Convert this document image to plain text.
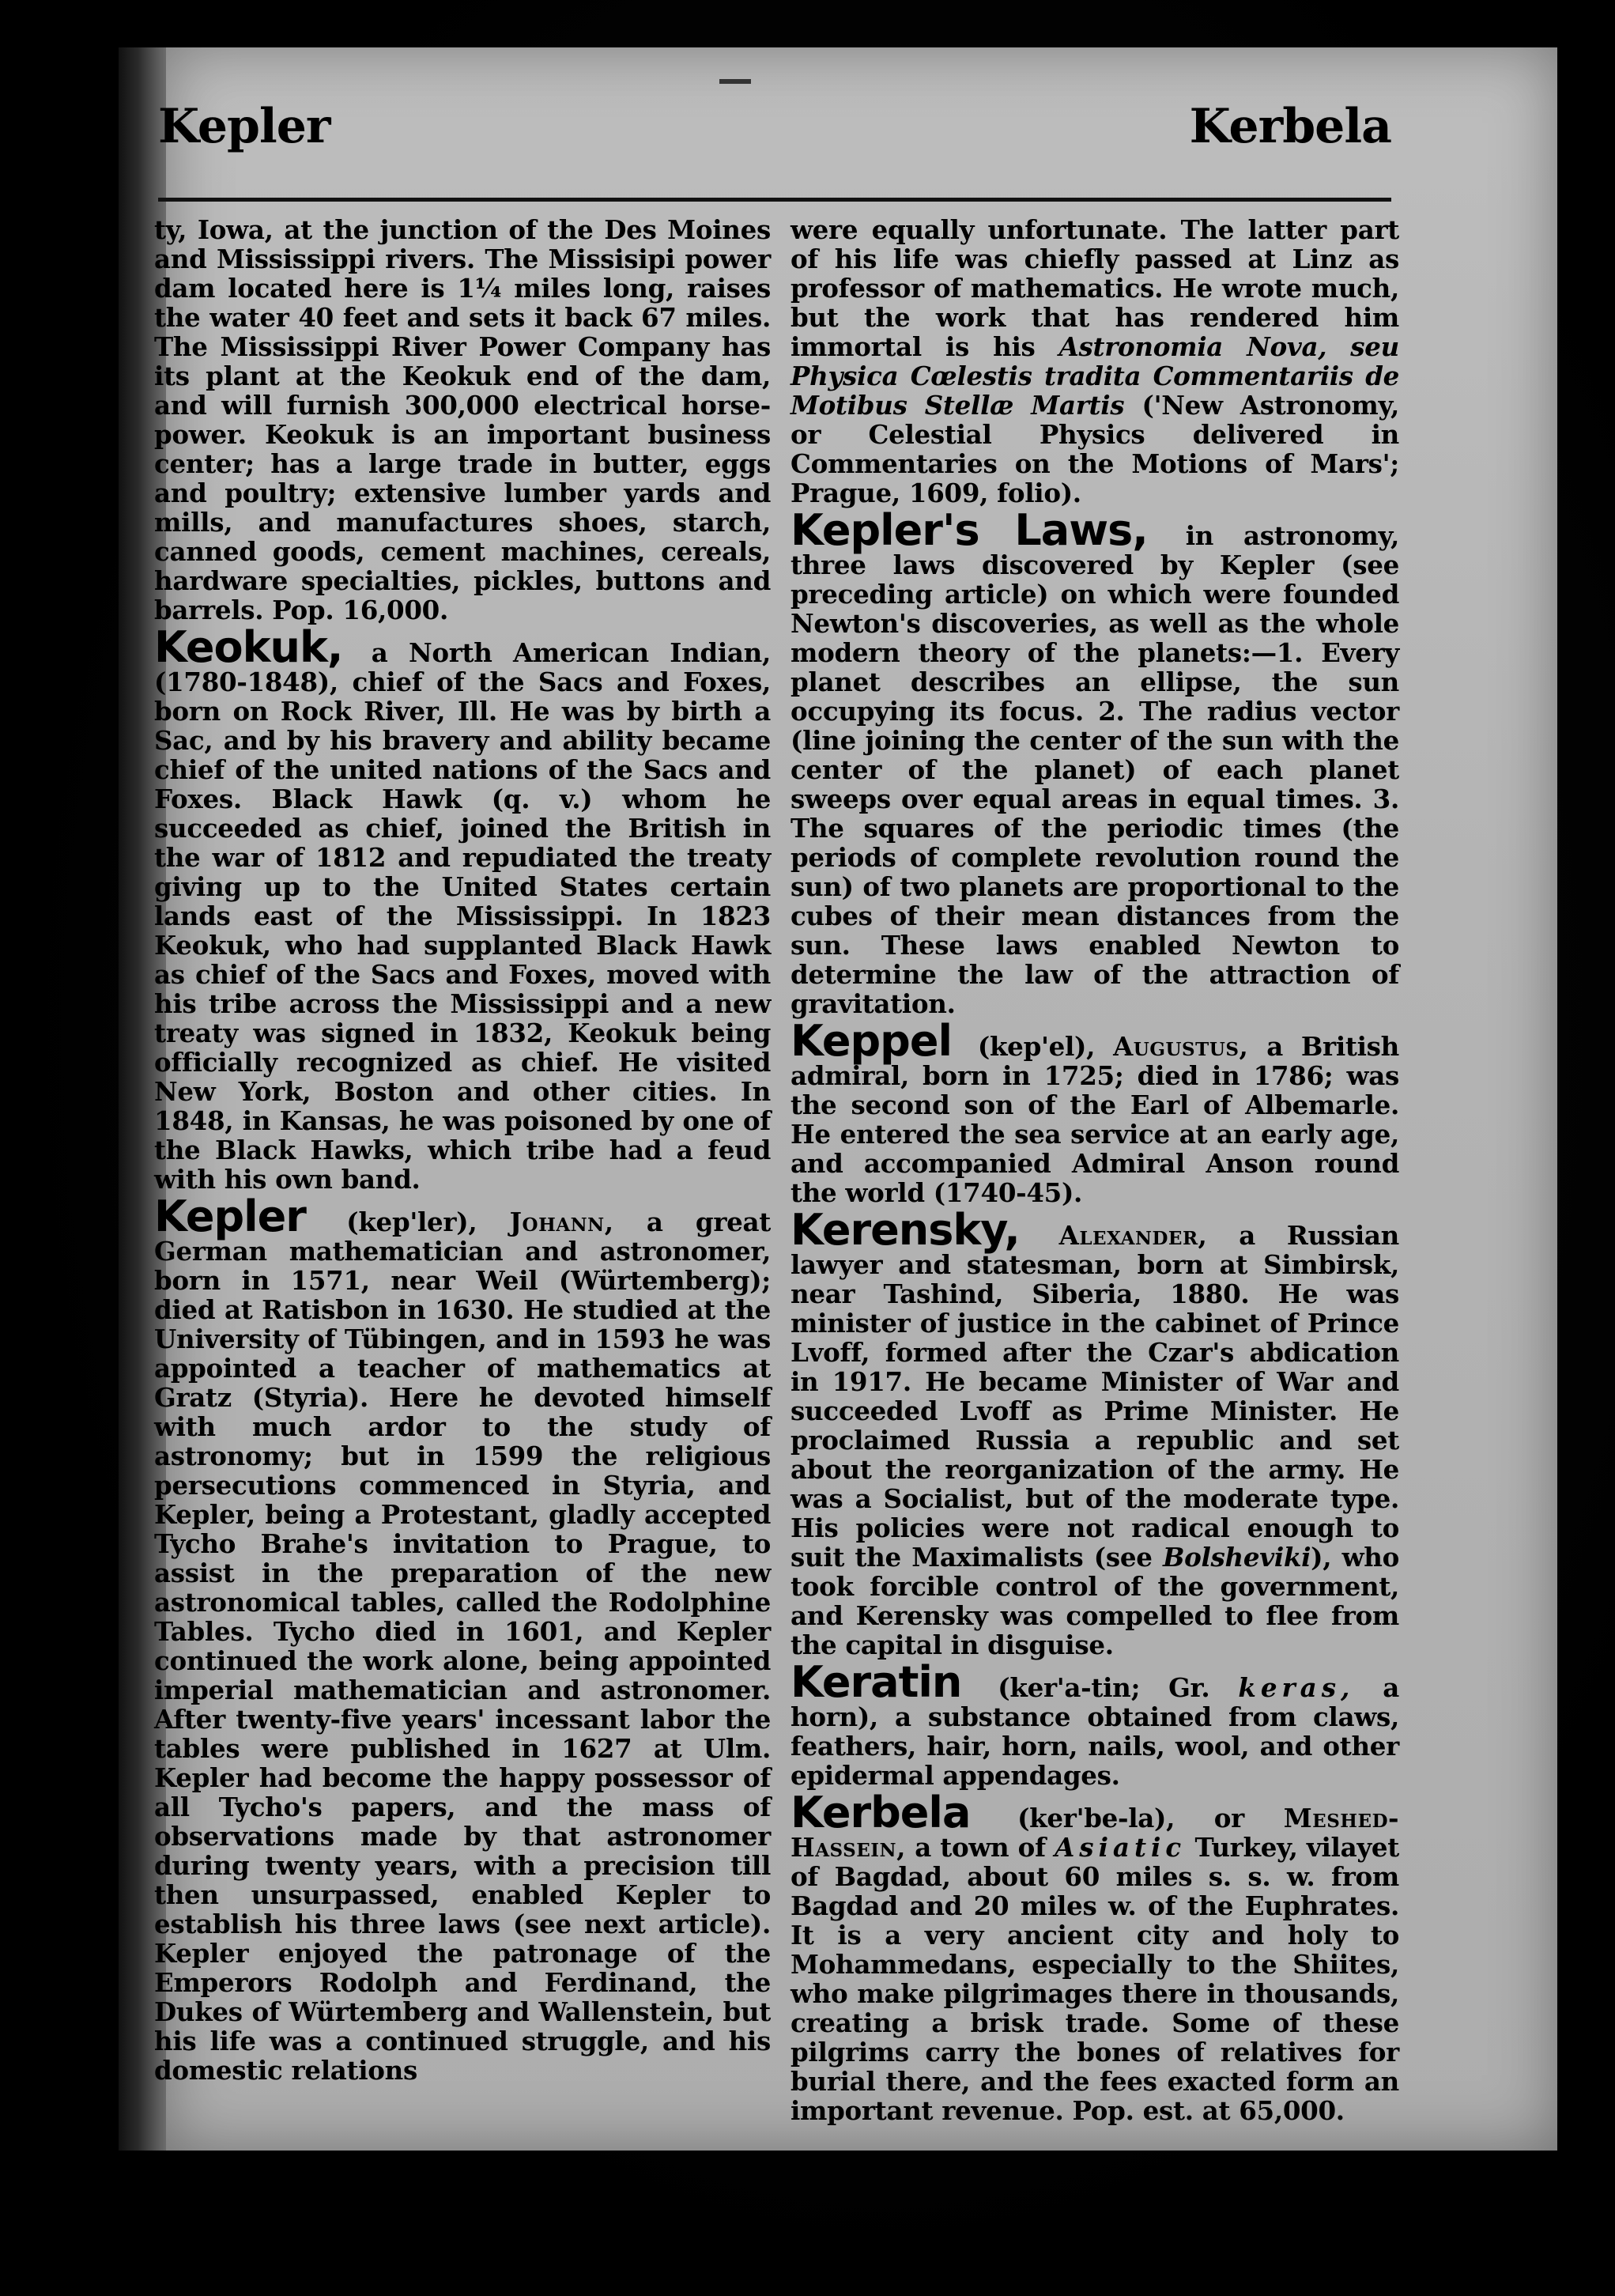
Kepler	Kerbela

ty, Iowa, at the junction of the Des Moines and Mississippi rivers. The Missisipi power dam located here is 1¼ miles long, raises the water 40 feet and sets it back 67 miles. The Mississippi River Power Company has its plant at the Keokuk end of the dam, and will furnish 300,000 electrical horse-power. Keokuk is an important business center; has a large trade in butter, eggs and poultry; extensive lumber yards and mills, and manufactures shoes, starch, canned goods, cement machines, cereals, hardware specialties, pickles, buttons and barrels. Pop. 16,000.

Keokuk, a North American Indian, (1780-1848), chief of the Sacs and Foxes, born on Rock River, Ill. He was by birth a Sac, and by his bravery and ability became chief of the united nations of the Sacs and Foxes. Black Hawk (q. v.) whom he succeeded as chief, joined the British in the war of 1812 and repudiated the treaty giving up to the United States certain lands east of the Mississippi. In 1823 Keokuk, who had supplanted Black Hawk as chief of the Sacs and Foxes, moved with his tribe across the Mississippi and a new treaty was signed in 1832, Keokuk being officially recognized as chief. He visited New York, Boston and other cities. In 1848, in Kansas, he was poisoned by one of the Black Hawks, which tribe had a feud with his own band.

Kepler (kep'ler), Johann, a great German mathematician and astronomer, born in 1571, near Weil (Würtemberg); died at Ratisbon in 1630. He studied at the University of Tübingen, and in 1593 he was appointed a teacher of mathematics at Gratz (Styria). Here he devoted himself with much ardor to the study of astronomy; but in 1599 the religious persecutions commenced in Styria, and Kepler, being a Protestant, gladly accepted Tycho Brahe's invitation to Prague, to assist in the preparation of the new astronomical tables, called the Rodolphine Tables. Tycho died in 1601, and Kepler continued the work alone, being appointed imperial mathematician and astronomer. After twenty-five years' incessant labor the tables were published in 1627 at Ulm. Kepler had become the happy possessor of all Tycho's papers, and the mass of observations made by that astronomer during twenty years, with a precision till then unsurpassed, enabled Kepler to establish his three laws (see next article). Kepler enjoyed the patronage of the Emperors Rodolph and Ferdinand, the Dukes of Würtemberg and Wallenstein, but his life was a continued struggle, and his domestic relations

were equally unfortunate. The latter part of his life was chiefly passed at Linz as professor of mathematics. He wrote much, but the work that has rendered him immortal is his Astronomia Nova, seu Physica Cœlestis tradita Commentariis de Motibus Stellæ Martis ('New Astronomy, or Celestial Physics delivered in Commentaries on the Motions of Mars'; Prague, 1609, folio).

Kepler's Laws, in astronomy, three laws discovered by Kepler (see preceding article) on which were founded Newton's discoveries, as well as the whole modern theory of the planets:—1. Every planet describes an ellipse, the sun occupying its focus. 2. The radius vector (line joining the center of the sun with the center of the planet) of each planet sweeps over equal areas in equal times. 3. The squares of the periodic times (the periods of complete revolution round the sun) of two planets are proportional to the cubes of their mean distances from the sun. These laws enabled Newton to determine the law of the attraction of gravitation.

Keppel (kep'el), Augustus, a British admiral, born in 1725; died in 1786; was the second son of the Earl of Albemarle. He entered the sea service at an early age, and accompanied Admiral Anson round the world (1740-45).

Kerensky, Alexander, a Russian lawyer and statesman, born at Simbirsk, near Tashind, Siberia, 1880. He was minister of justice in the cabinet of Prince Lvoff, formed after the Czar's abdication in 1917. He became Minister of War and succeeded Lvoff as Prime Minister. He proclaimed Russia a republic and set about the reorganization of the army. He was a Socialist, but of the moderate type. His policies were not radical enough to suit the Maximalists (see Bolsheviki), who took forcible control of the government, and Kerensky was compelled to flee from the capital in disguise.

Keratin (ker'a-tin; Gr. keras, a horn), a substance obtained from claws, feathers, hair, horn, nails, wool, and other epidermal appendages.

Kerbela (ker'be-la), or Meshed-Hassein, a town of Asiatic Turkey, vilayet of Bagdad, about 60 miles s. s. w. from Bagdad and 20 miles w. of the Euphrates. It is a very ancient city and holy to Mohammedans, especially to the Shiites, who make pilgrimages there in thousands, creating a brisk trade. Some of these pilgrims carry the bones of relatives for burial there, and the fees exacted form an important revenue. Pop. est. at 65,000.
